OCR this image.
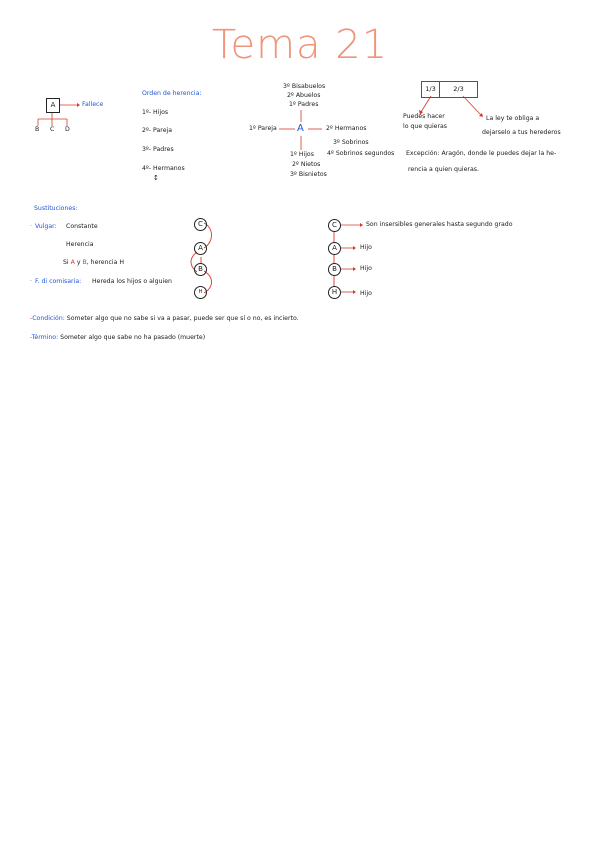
Tema 21
A	Fallece
B C D
Orden de herencia:
1º- Hijos
2º- Pareja
3º- Padres
4º- Hermanos
↕
3º Bisabuelos
2º Abuelos
1º Padres
A
1º Pareja	2º Hermanos
3º Sobrinos
4º Sobrinos segundos
1º Hijos
2º Nietos
3º Bisnietos
1/3	2/3
Puedes hacer
lo que quieras
La ley te obliga a
dejarselo a tus herederos
Excepción: Aragón, donde le puedes dejar la he-
rencia a quien quieras.
Sustituciones:
· Vulgar: Constante
Herencia
Si A y B, herencia H
· F. di comisaria: Hereda los hijos o alguien
C
A
B
H
C
A
B
H
Son insersibles generales hasta segundo grado
Hijo
Hijo
Hijo
-Condición: Someter algo que no sabe si va a pasar, puede ser que sí o no, es incierto.
-Término: Someter algo que sabe no ha pasado (muerte)
